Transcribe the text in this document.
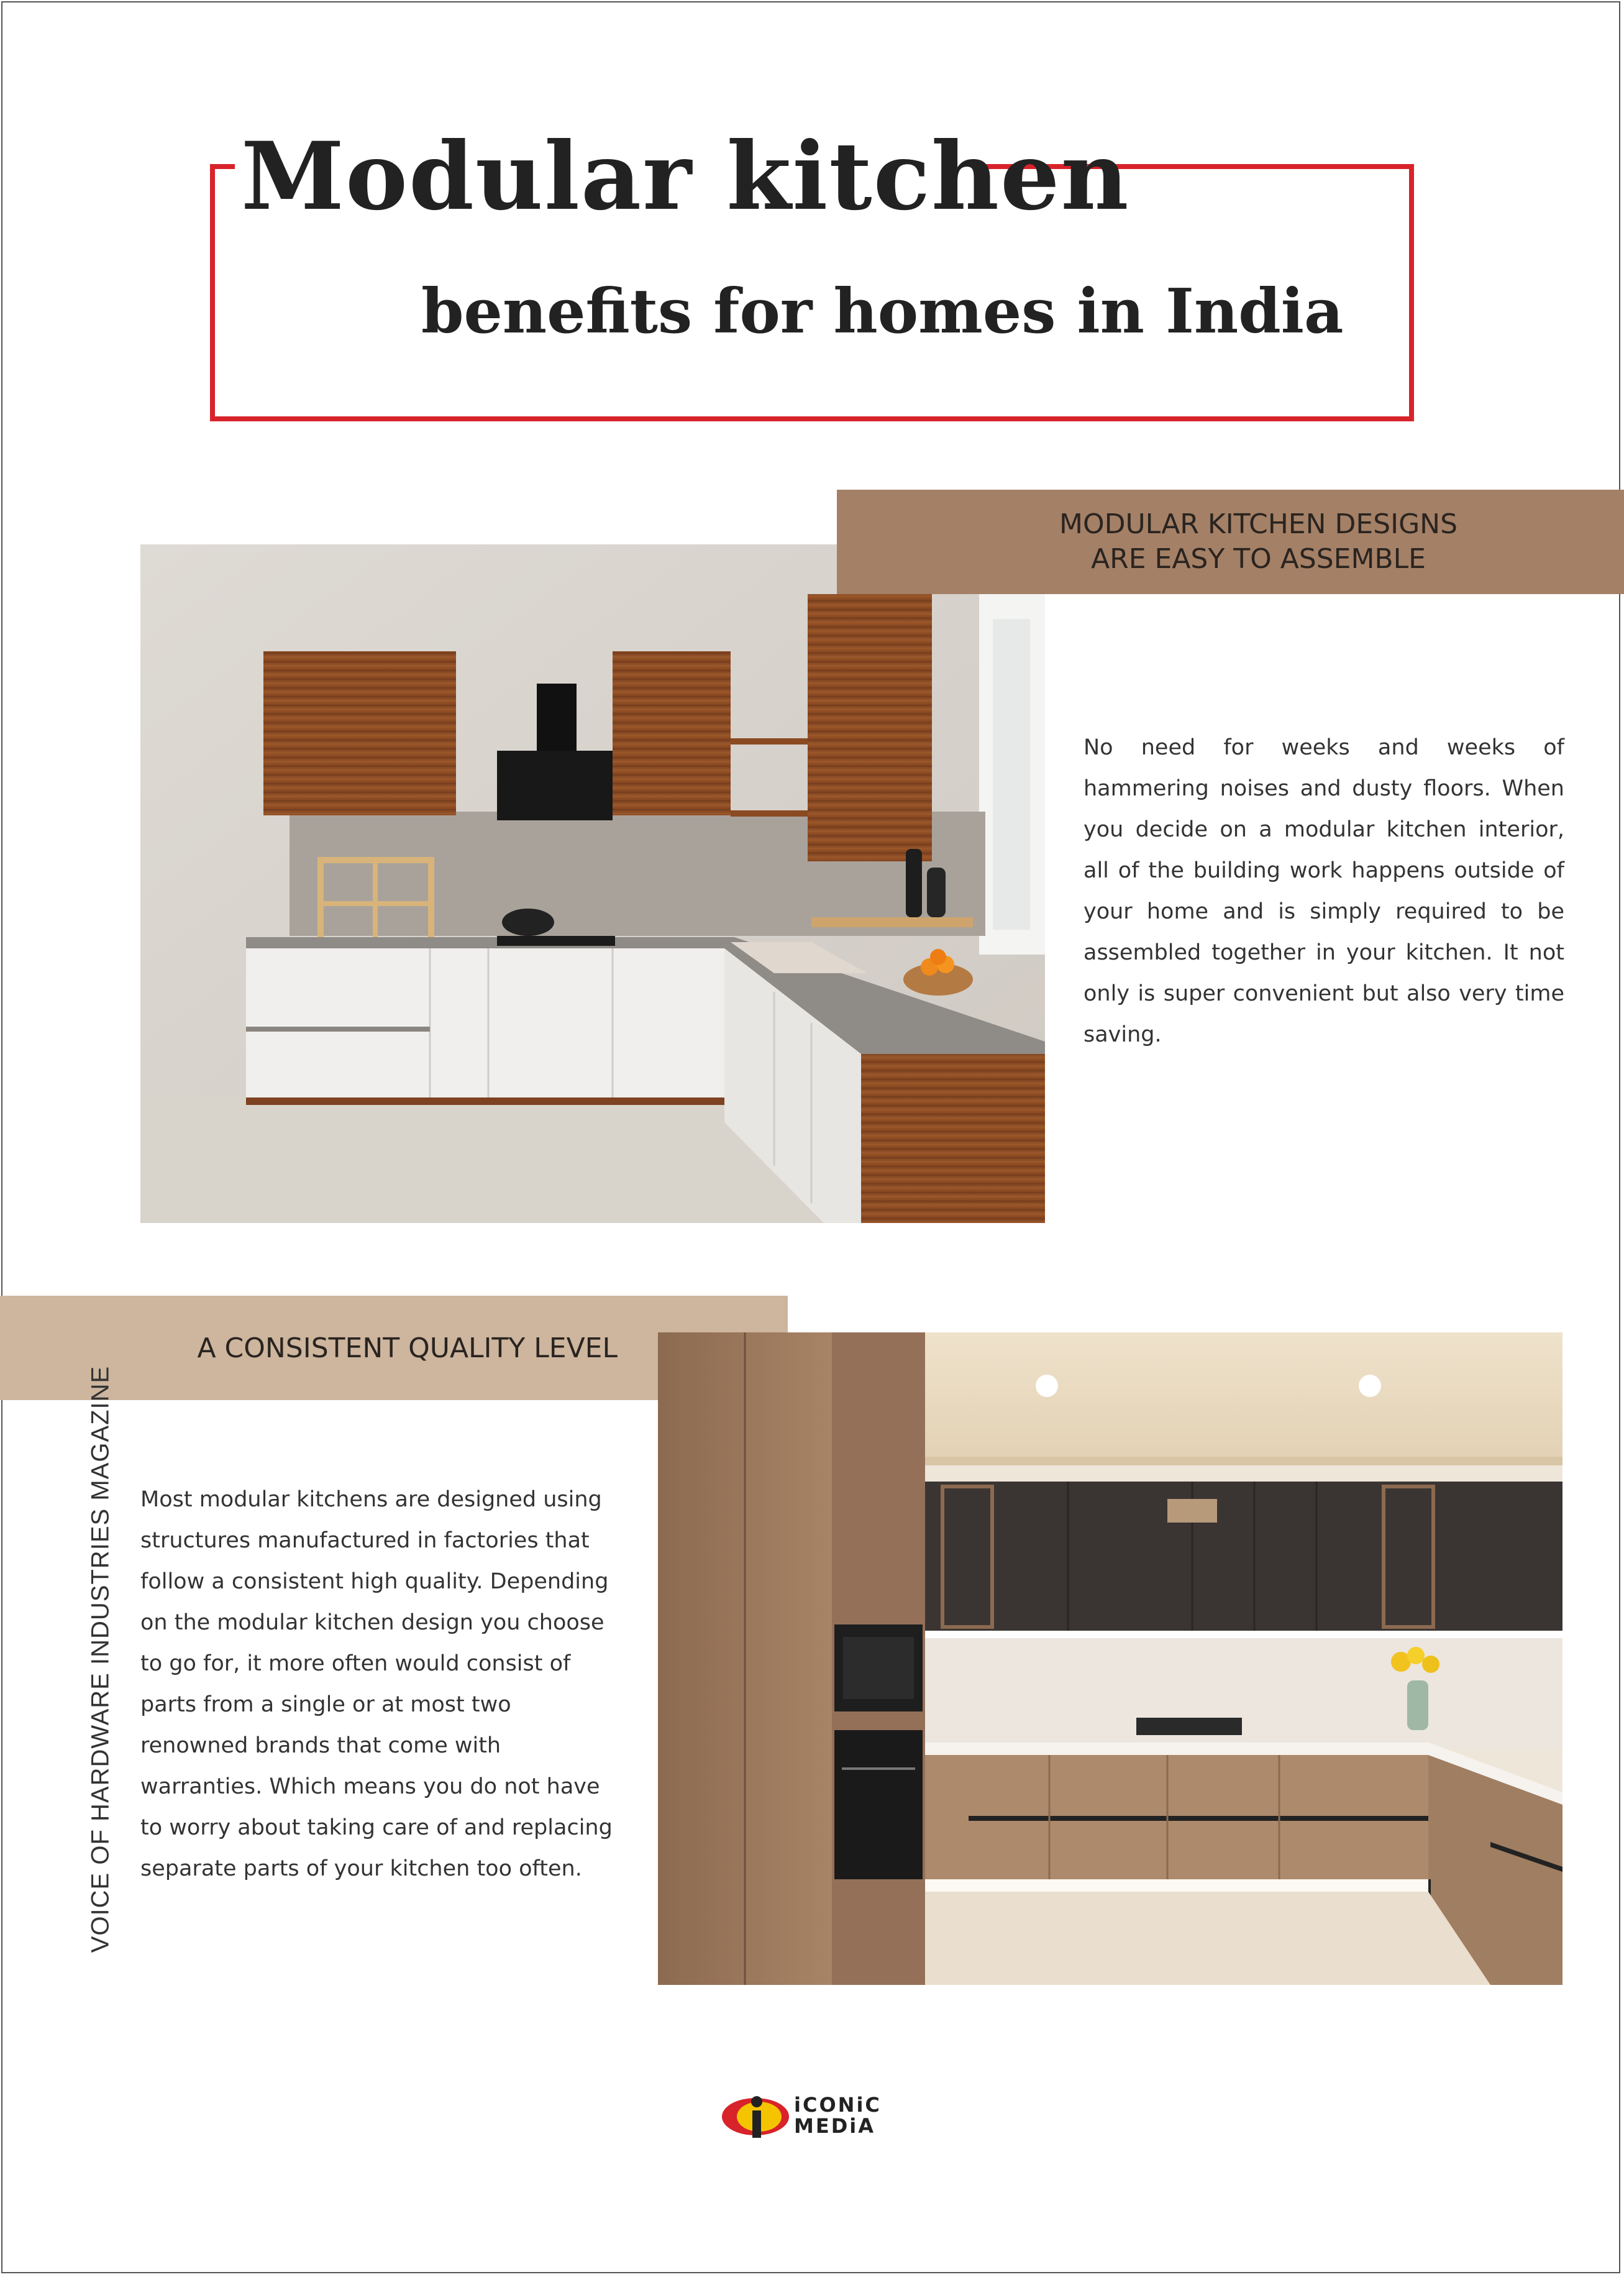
Modular kitchen
benefits for homes in India
MODULAR KITCHEN DESIGNS
ARE EASY TO ASSEMBLE

No need for weeks and weeks of hammering noises and dusty floors. When you decide on a modular kitchen interior, all of the building work happens outside of your home and is simply required to be assembled together in your kitchen. It not only is super convenient but also very time saving.

A CONSISTENT QUALITY LEVEL

Most modular kitchens are designed using structures manufactured in factories that follow a consistent high quality. Depending on the modular kitchen design you choose to go for, it more often would consist of parts from a single or at most two renowned brands that come with warranties. Which means you do not have to worry about taking care of and replacing separate parts of your kitchen too often.

VOICE OF HARDWARE INDUSTRIES MAGAZINE
iCONiC
MEDiA
